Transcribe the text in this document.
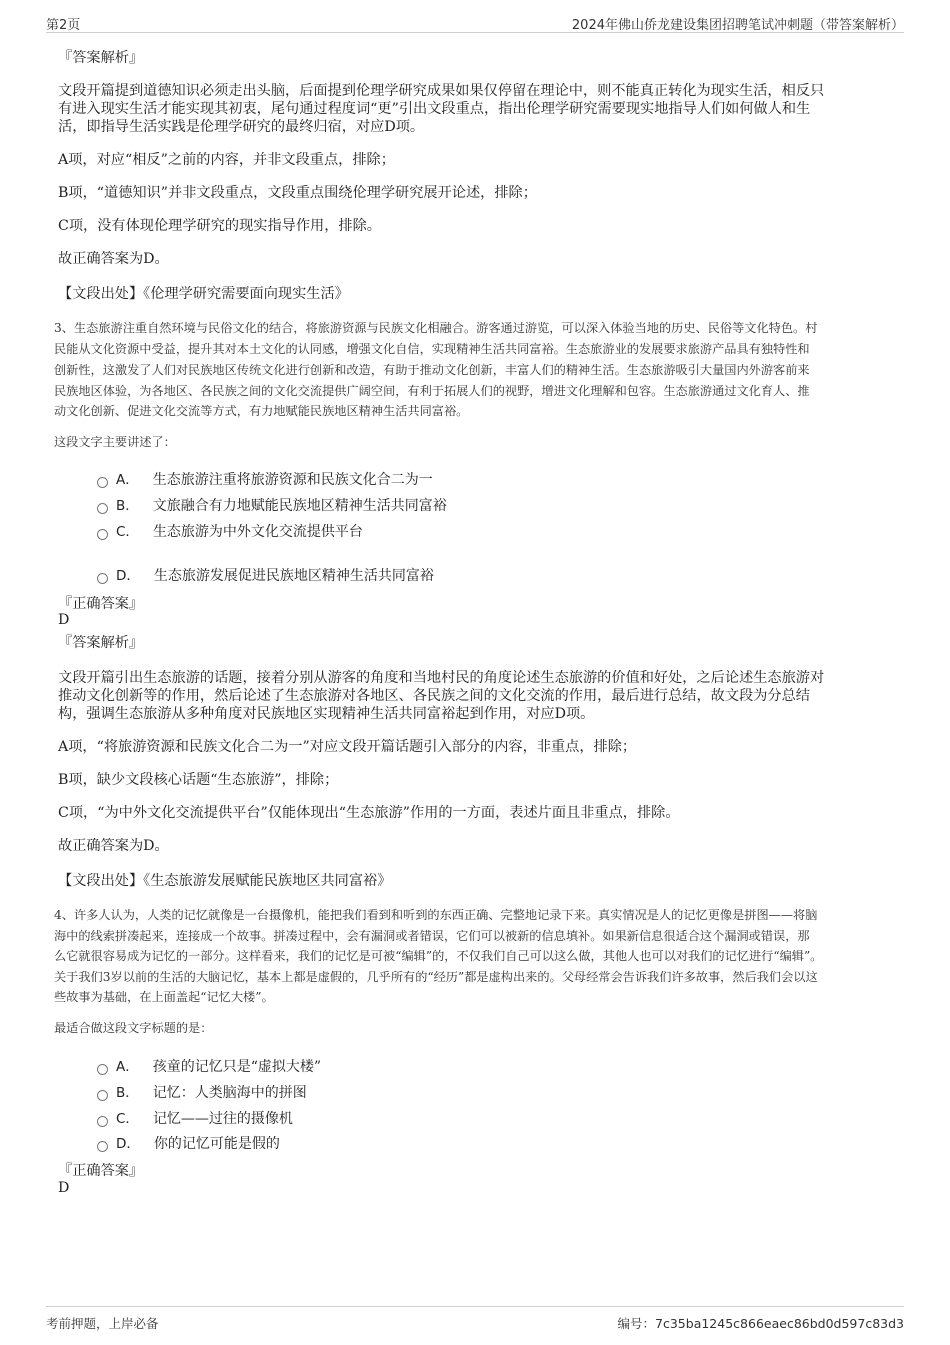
第2页	2024年佛山侨龙建设集团招聘笔试冲刺题（带答案解析）
『答案解析』
文段开篇提到道德知识必须走出头脑，后面提到伦理学研究成果如果仅停留在理论中，则不能真正转化为现实生活，相反只
有进入现实生活才能实现其初衷，尾句通过程度词“更”引出文段重点，指出伦理学研究需要现实地指导人们如何做人和生
活，即指导生活实践是伦理学研究的最终归宿，对应D项。
A项，对应“相反”之前的内容，并非文段重点，排除；
B项，“道德知识”并非文段重点，文段重点围绕伦理学研究展开论述，排除；
C项，没有体现伦理学研究的现实指导作用，排除。
故正确答案为D。
【文段出处】《伦理学研究需要面向现实生活》
3、生态旅游注重自然环境与民俗文化的结合，将旅游资源与民族文化相融合。游客通过游览，可以深入体验当地的历史、民俗等文化特色。村
民能从文化资源中受益，提升其对本土文化的认同感，增强文化自信，实现精神生活共同富裕。生态旅游业的发展要求旅游产品具有独特性和
创新性，这激发了人们对民族地区传统文化进行创新和改造，有助于推动文化创新，丰富人们的精神生活。生态旅游吸引大量国内外游客前来
民族地区体验，为各地区、各民族之间的文化交流提供广阔空间，有利于拓展人们的视野，增进文化理解和包容。生态旅游通过文化育人、推
动文化创新、促进文化交流等方式，有力地赋能民族地区精神生活共同富裕。
这段文字主要讲述了：
A． 生态旅游注重将旅游资源和民族文化合二为一
B． 文旅融合有力地赋能民族地区精神生活共同富裕
C． 生态旅游为中外文化交流提供平台
D． 生态旅游发展促进民族地区精神生活共同富裕
『正确答案』
D
『答案解析』
文段开篇引出生态旅游的话题，接着分别从游客的角度和当地村民的角度论述生态旅游的价值和好处，之后论述生态旅游对
推动文化创新等的作用，然后论述了生态旅游对各地区、各民族之间的文化交流的作用，最后进行总结，故文段为分总结
构，强调生态旅游从多种角度对民族地区实现精神生活共同富裕起到作用，对应D项。
A项，“将旅游资源和民族文化合二为一”对应文段开篇话题引入部分的内容，非重点，排除；
B项，缺少文段核心话题“生态旅游”，排除；
C项，“为中外文化交流提供平台”仅能体现出“生态旅游”作用的一方面，表述片面且非重点，排除。
故正确答案为D。
【文段出处】《生态旅游发展赋能民族地区共同富裕》
4、许多人认为，人类的记忆就像是一台摄像机，能把我们看到和听到的东西正确、完整地记录下来。真实情况是人的记忆更像是拼图——将脑
海中的线索拼凑起来，连接成一个故事。拼凑过程中，会有漏洞或者错误，它们可以被新的信息填补。如果新信息很适合这个漏洞或错误，那
么它就很容易成为记忆的一部分。这样看来，我们的记忆是可被“编辑”的，不仅我们自己可以这么做，其他人也可以对我们的记忆进行“编辑”。
关于我们3岁以前的生活的大脑记忆，基本上都是虚假的，几乎所有的“经历”都是虚构出来的。父母经常会告诉我们许多故事，然后我们会以这
些故事为基础，在上面盖起“记忆大楼”。
最适合做这段文字标题的是：
A． 孩童的记忆只是“虚拟大楼”
B． 记忆：人类脑海中的拼图
C． 记忆——过往的摄像机
D． 你的记忆可能是假的
『正确答案』
D
考前押题，上岸必备	编号：7c35ba1245c866eaec86bd0d597c83d3
